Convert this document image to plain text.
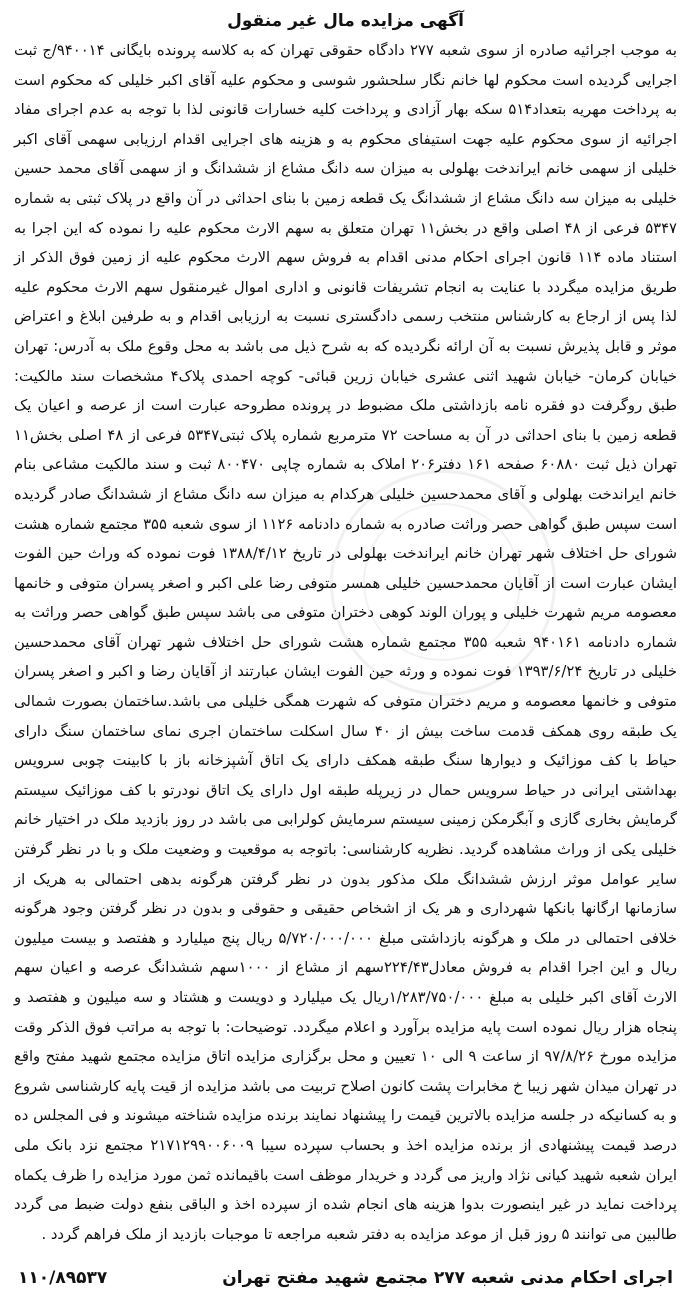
آگهی مزایده مال غیر منقول

به موجب اجرائیه صادره از سوی شعبه ۲۷۷ دادگاه حقوقی تهران که به کلاسه پرونده بایگانی ۹۴۰۰۱۴/ج ثبت اجرایی گردیده است محکوم لها خانم نگار سلحشور شوسی و محکوم علیه آقای اکبر خلیلی که محکوم است به پرداخت مهریه بتعداد۵۱۴ سکه بهار آزادی و پرداخت کلیه خسارات قانونی لذا با توجه به عدم اجرای مفاد اجرائیه از سوی محکوم علیه جهت استیفای محکوم به و هزینه های اجرایی اقدام ارزیابی سهمی آقای اکبر خلیلی از سهمی خانم ایراندخت بهلولی به میزان سه دانگ مشاع از ششدانگ و از سهمی آقای محمد حسین خلیلی به میزان سه دانگ مشاع از ششدانگ یک قطعه زمین با بنای احداثی در آن واقع در پلاک ثبتی به شماره ۵۳۴۷ فرعی از ۴۸ اصلی واقع در بخش۱۱ تهران متعلق به سهم الارث محکوم علیه را نموده که این اجرا به استناد ماده ۱۱۴ قانون اجرای احکام مدنی اقدام به فروش سهم الارث محکوم علیه از زمین فوق الذکر از طریق مزایده میگردد با عنایت به انجام تشریفات قانونی و اداری اموال غیرمنقول سهم الارث محکوم علیه لذا پس از ارجاع به کارشناس منتخب رسمی دادگستری نسبت به ارزیابی اقدام و به طرفین ابلاغ و اعتراض موثر و قابل پذیرش نسبت به آن ارائه نگردیده که به شرح ذیل می باشد به محل وقوع ملک به آدرس: تهران خیابان کرمان- خیابان شهید اثنی عشری خیابان زرین قبائی- کوچه احمدی پلاک۴ مشخصات سند مالکیت: طبق روگرفت دو فقره نامه بازداشتی ملک مضبوط در پرونده مطروحه عبارت است از عرصه و اعیان یک قطعه زمین با بنای احداثی در آن به مساحت ۷۲ مترمربع شماره پلاک ثبتی۵۳۴۷ فرعی از ۴۸ اصلی بخش۱۱ تهران ذیل ثبت ۶۰۸۸۰ صفحه ۱۶۱ دفتر۲۰۶ املاک به شماره چاپی ۸۰۰۴۷۰ ثبت و سند مالکیت مشاعی بنام خانم ایراندخت بهلولی و آقای محمدحسین خلیلی هرکدام به میزان سه دانگ مشاع از ششدانگ صادر گردیده است سپس طبق گواهی حصر وراثت صادره به شماره دادنامه ۱۱۲۶ از سوی شعبه ۳۵۵ مجتمع شماره هشت شورای حل اختلاف شهر تهران خانم ایراندخت بهلولی در تاریخ ۱۳۸۸/۴/۱۲ فوت نموده که وراث حین الفوت ایشان عبارت است از آقایان محمدحسین خلیلی همسر متوفی رضا علی اکبر و اصغر پسران متوفی و خانمها معصومه مریم شهرت خلیلی و پوران الوند کوهی دختران متوفی می باشد سپس طبق گواهی حصر وراثت به شماره دادنامه ۹۴۰۱۶۱ شعبه ۳۵۵ مجتمع شماره هشت شورای حل اختلاف شهر تهران آقای محمدحسین خلیلی در تاریخ ۱۳۹۳/۶/۲۴ فوت نموده و ورثه حین الفوت ایشان عبارتند از آقایان رضا و اکبر و اصغر پسران متوفی و خانمها معصومه و مریم دختران متوفی که شهرت همگی خلیلی می باشد.ساختمان بصورت شمالی یک طبقه روی همکف قدمت ساخت بیش از ۴۰ سال اسکلت ساختمان اجری نمای ساختمان سنگ دارای حیاط با کف موزائیک و دیوارها سنگ طبقه همکف دارای یک اتاق آشپزخانه باز با کابینت چوبی سرویس بهداشتی ایرانی در حیاط سرویس حمال در زیرپله طبقه اول دارای یک اتاق نودرتو با کف موزائیک سیستم گرمایش بخاری گازی و آبگرمکن زمینی سیستم سرمایش کولرابی می باشد در روز بازدید ملک در اختیار خانم خلیلی یکی از وراث مشاهده گردید. نظریه کارشناسی: باتوجه به موقعیت و وضعیت ملک و با در نظر گرفتن سایر عوامل موثر ارزش ششدانگ ملک مذکور بدون در نظر گرفتن هرگونه بدهی احتمالی به هریک از سازمانها ارگانها بانکها شهرداری و هر یک از اشخاص حقیقی و حقوقی و بدون در نظر گرفتن وجود هرگونه خلافی احتمالی در ملک و هرگونه بازداشتی مبلغ ۵/۷۲۰/۰۰۰/۰۰۰ ریال پنج میلیارد و هفتصد و بیست میلیون ریال و این اجرا اقدام به فروش معادل۲۲۴/۴۳سهم از مشاع از ۱۰۰۰سهم ششدانگ عرصه و اعیان سهم الارث آقای اکبر خلیلی به مبلغ ۱/۲۸۳/۷۵۰/۰۰۰ریال یک میلیارد و دویست و هشتاد و سه میلیون و هفتصد و پنجاه هزار ریال نموده است پایه مزایده برآورد و اعلام میگردد. توضیحات: با توجه به مراتب فوق الذکر وقت مزایده مورخ ۹۷/۸/۲۶ از ساعت ۹ الی ۱۰ تعیین و محل برگزاری مزایده اتاق مزایده مجتمع شهید مفتح واقع در تهران میدان شهر زیبا خ مخابرات پشت کانون اصلاح تربیت می باشد مزایده از قیت پایه کارشناسی شروع و به کسانیکه در جلسه مزایده بالاترین قیمت را پیشنهاد نمایند برنده مزایده شناخته میشوند و فی المجلس ده درصد قیمت پیشنهادی از برنده مزایده اخذ و بحساب سپرده سیبا ۲۱۷۱۲۹۹۰۰۶۰۰۹ مجتمع نزد بانک ملی ایران شعبه شهید کیانی نژاد واریز می گردد و خریدار موظف است باقیمانده ثمن مورد مزایده را ظرف یکماه پرداخت نماید در غیر اینصورت بدوا هزینه های انجام شده از سپرده اخذ و الباقی بنفع دولت ضبط می گردد طالبین می توانند ۵ روز قبل از موعد مزایده به دفتر شعبه مراجعه تا موجبات بازدید از ملک فراهم گردد .

اجرای احکام مدنی شعبه ۲۷۷ مجتمع شهید مفتح تهران
۱۱۰/۸۹۵۳۷
